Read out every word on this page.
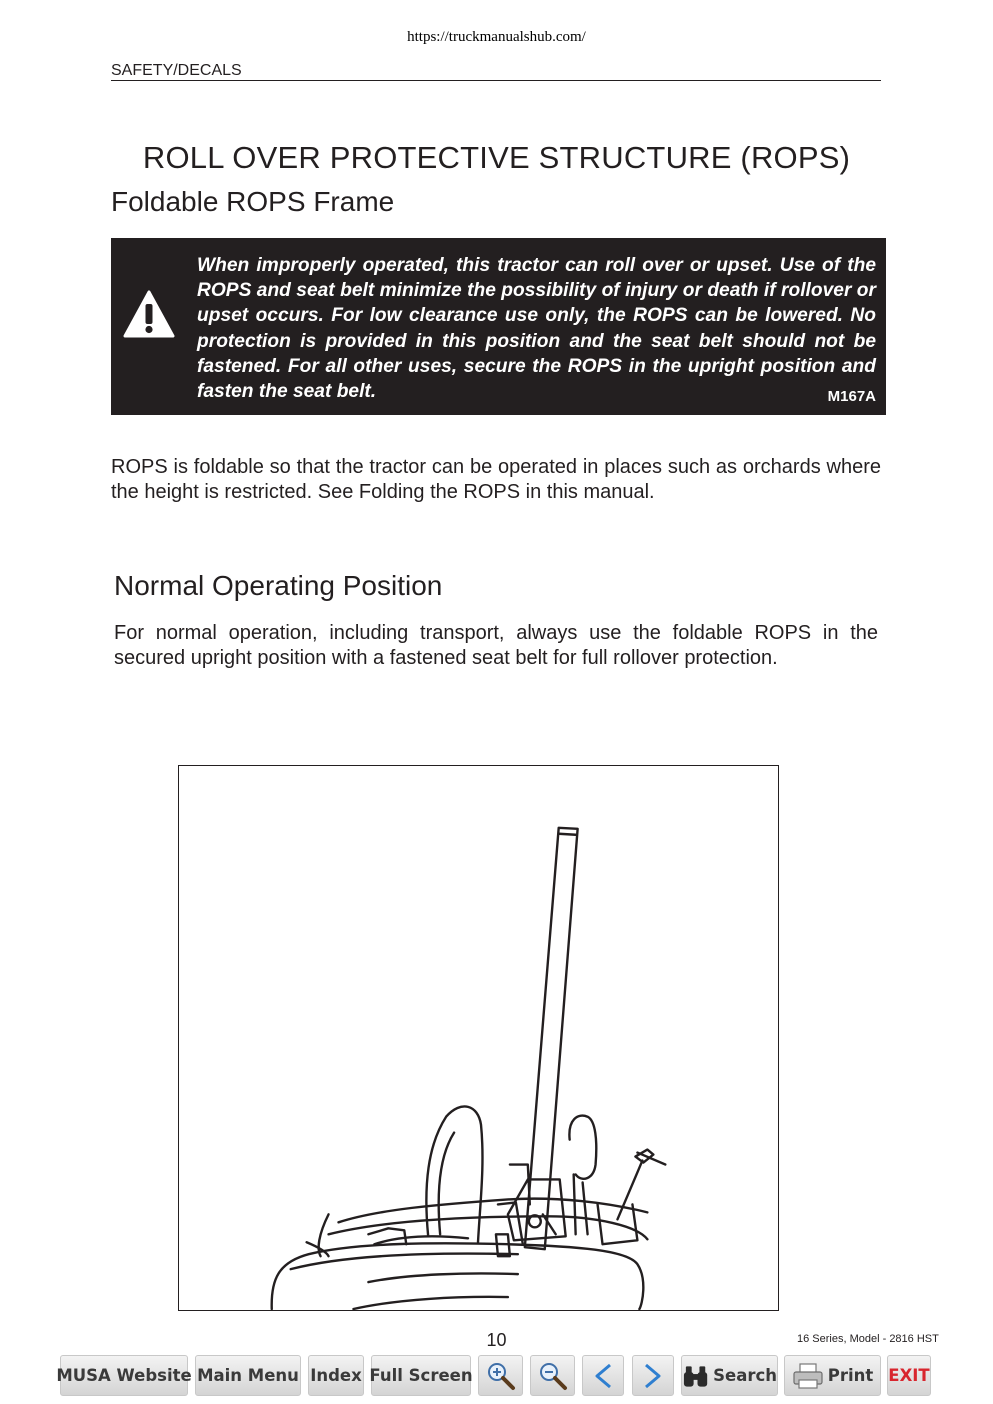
https://truckmanualshub.com/
SAFETY/DECALS
ROLL OVER PROTECTIVE STRUCTURE (ROPS)
Foldable ROPS Frame
When improperly operated, this tractor can roll over or upset. Use of the ROPS and seat belt minimize the possibility of injury or death if rollover or upset occurs. For low clearance use only, the ROPS can be lowered. No protection is provided in this position and the seat belt should not be fastened. For all other uses, secure the ROPS in the upright position and fasten the seat belt.	M167A

ROPS is foldable so that the tractor can be operated in places such as orchards where the height is restricted. See Folding the ROPS in this manual.

Normal Operating Position

For normal operation, including transport, always use the foldable ROPS in the secured upright position with a fastened seat belt for full rollover protection.

10	16 Series, Model - 2816 HST
MUSA Website Main Menu Index Full Screen	Search	Print EXIT
